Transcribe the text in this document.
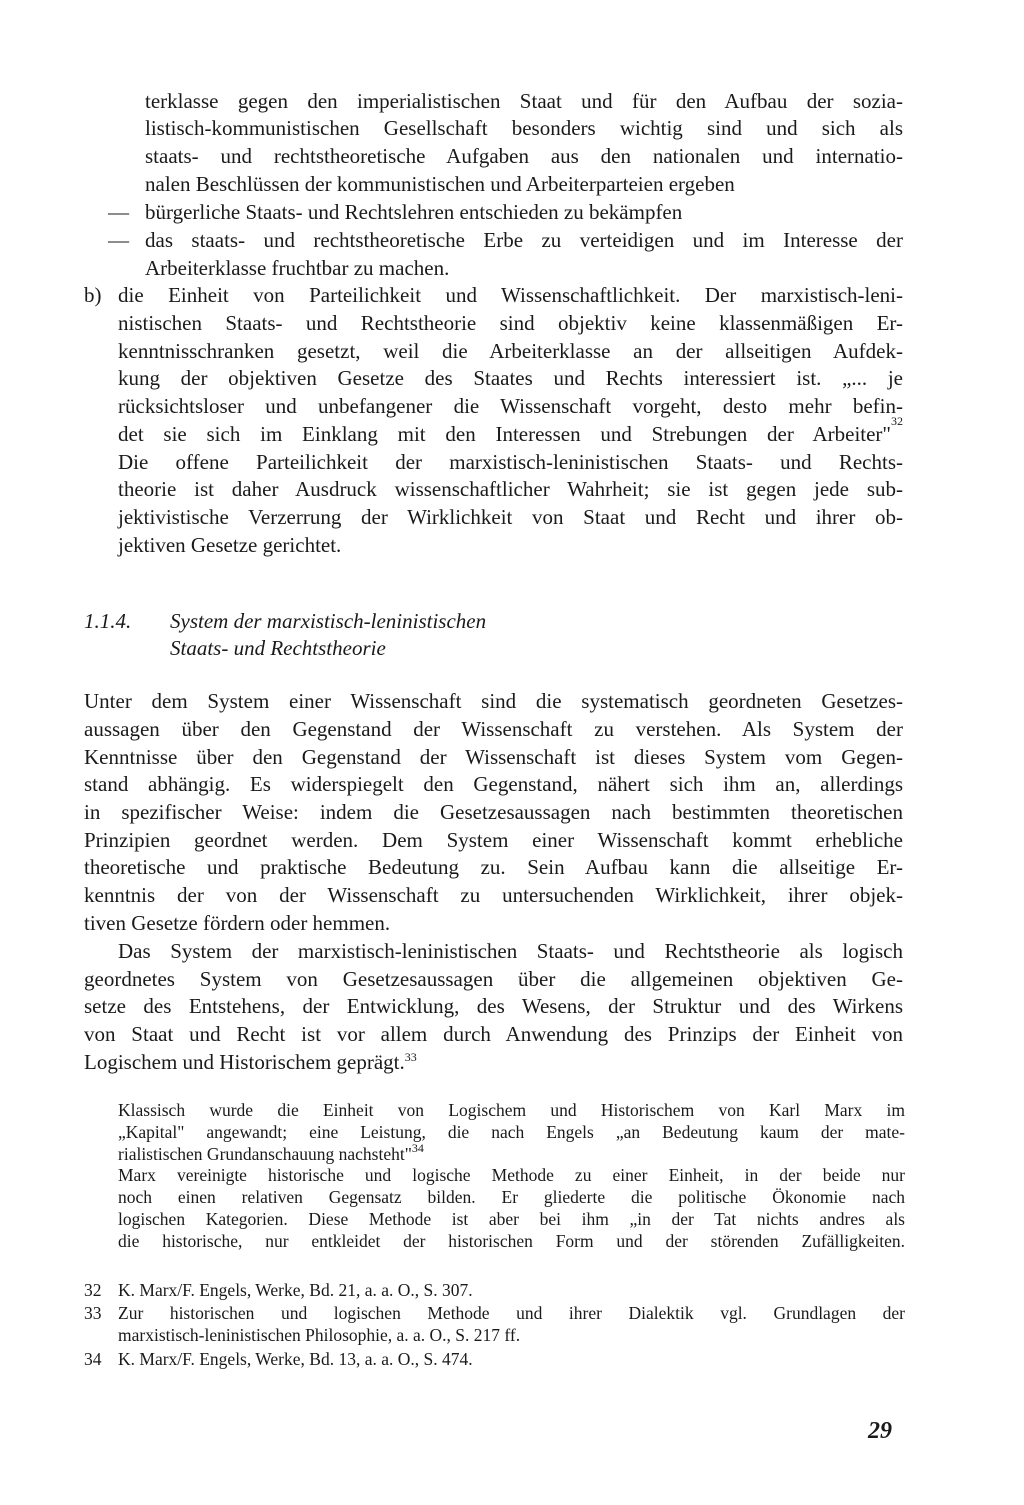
terklasse gegen den imperialistischen Staat und für den Aufbau der sozia-
listisch-kommunistischen Gesellschaft besonders wichtig sind und sich als
staats- und rechtstheoretische Aufgaben aus den nationalen und internatio-
nalen Beschlüssen der kommunistischen und Arbeiterparteien ergeben
— bürgerliche Staats- und Rechtslehren entschieden zu bekämpfen
— das staats- und rechtstheoretische Erbe zu verteidigen und im Interesse der
Arbeiterklasse fruchtbar zu machen.
b) die Einheit von Parteilichkeit und Wissenschaftlichkeit. Der marxistisch-leni-
nistischen Staats- und Rechtstheorie sind objektiv keine klassenmäßigen Er-
kenntnisschranken gesetzt, weil die Arbeiterklasse an der allseitigen Aufdek-
kung der objektiven Gesetze des Staates und Rechts interessiert ist. „... je
rücksichtsloser und unbefangener die Wissenschaft vorgeht, desto mehr befin-
det sie sich im Einklang mit den Interessen und Strebungen der Arbeiter"
32
Die offene Parteilichkeit der marxistisch-leninistischen Staats- und Rechts-
theorie ist daher Ausdruck wissenschaftlicher Wahrheit; sie ist gegen jede sub-
jektivistische Verzerrung der Wirklichkeit von Staat und Recht und ihrer ob-
jektiven Gesetze gerichtet.
1.1.4. System der marxistisch-leninistischen
Staats- und Rechtstheorie
Unter dem System einer Wissenschaft sind die systematisch geordneten Gesetzes-
aussagen über den Gegenstand der Wissenschaft zu verstehen. Als System der
Kenntnisse über den Gegenstand der Wissenschaft ist dieses System vom Gegen-
stand abhängig. Es widerspiegelt den Gegenstand, nähert sich ihm an, allerdings
in spezifischer Weise: indem die Gesetzesaussagen nach bestimmten theoretischen
Prinzipien geordnet werden. Dem System einer Wissenschaft kommt erhebliche
theoretische und praktische Bedeutung zu. Sein Aufbau kann die allseitige Er-
kenntnis der von der Wissenschaft zu untersuchenden Wirklichkeit, ihrer objek-
tiven Gesetze fördern oder hemmen.
Das System der marxistisch-leninistischen Staats- und Rechtstheorie als logisch
geordnetes System von Gesetzesaussagen über die allgemeinen objektiven Ge-
setze des Entstehens, der Entwicklung, des Wesens, der Struktur und des Wirkens
von Staat und Recht ist vor allem durch Anwendung des Prinzips der Einheit von
Logischem und Historischem geprägt.$^{33}$
Klassisch wurde die Einheit von Logischem und Historischem von Karl Marx im
„Kapital" angewandt; eine Leistung, die nach Engels „an Bedeutung kaum der mate-
rialistischen Grundanschauung nachsteht"$^{34}$
Marx vereinigte historische und logische Methode zu einer Einheit, in der beide nur
noch einen relativen Gegensatz bilden. Er gliederte die politische Ökonomie nach
logischen Kategorien. Diese Methode ist aber bei ihm „in der Tat nichts andres als
die historische, nur entkleidet der historischen Form und der störenden Zufälligkeiten.
32 K. Marx/F. Engels, Werke, Bd. 21, a. a. O., S. 307.
33 Zur historischen und logischen Methode und ihrer Dialektik vgl. Grundlagen der
marxistisch-leninistischen Philosophie, a. a. O., S. 217 ff.
34 K. Marx/F. Engels, Werke, Bd. 13, a. a. O., S. 474.
29
